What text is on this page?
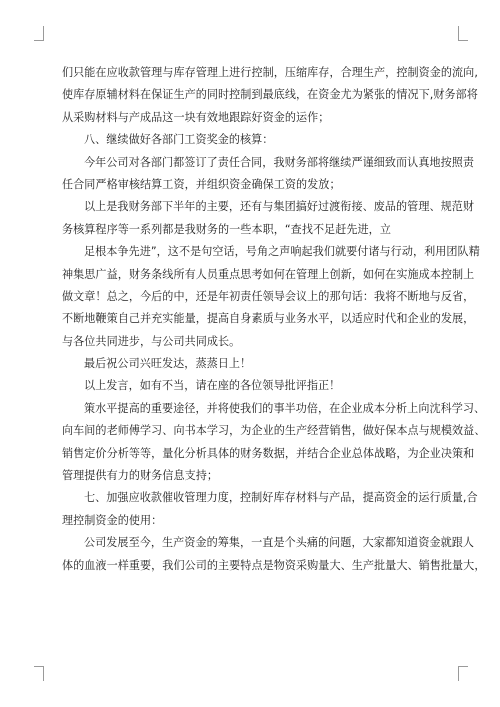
们只能在应收款管理与库存管理上进行控制，压缩库存，合理生产，控制资金的流向,
使库存原辅材料在保证生产的同时控制到最底线，在资金尤为紧张的情况下,财务部将
从采购材料与产成品这一块有效地跟踪好资金的运作；
八、继续做好各部门工资奖金的核算：
今年公司对各部门都签订了责任合同，我财务部将继续严谨细致而认真地按照责
任合同严格审核结算工资，并组织资金确保工资的发放；
以上是我财务部下半年的主要，还有与集团搞好过渡衔接、废品的管理、规范财
务核算程序等一系列都是我财务的一些本职，“查找不足赶先进，立
足根本争先进”，这不是句空话，号角之声响起我们就要付诸与行动，利用团队精
神集思广益，财务条线所有人员重点思考如何在管理上创新，如何在实施成本控制上
做文章！总之，今后的中，还是年初责任领导会议上的那句话：我将不断地与反省，
不断地鞭策自己并充实能量，提高自身素质与业务水平，以适应时代和企业的发展，
与各位共同进步，与公司共同成长。
最后祝公司兴旺发达，蒸蒸日上！
以上发言，如有不当，请在座的各位领导批评指正！
策水平提高的重要途径，并将使我们的事半功倍，在企业成本分析上向沈科学习、
向车间的老师傅学习、向书本学习，为企业的生产经营销售，做好保本点与规模效益、
销售定价分析等等，量化分析具体的财务数据，并结合企业总体战略，为企业决策和
管理提供有力的财务信息支持；
七、加强应收款催收管理力度，控制好库存材料与产品，提高资金的运行质量,合
理控制资金的使用：
公司发展至今，生产资金的筹集，一直是个头痛的问题，大家都知道资金就跟人
体的血液一样重要，我们公司的主要特点是物资采购量大、生产批量大、销售批量大，
